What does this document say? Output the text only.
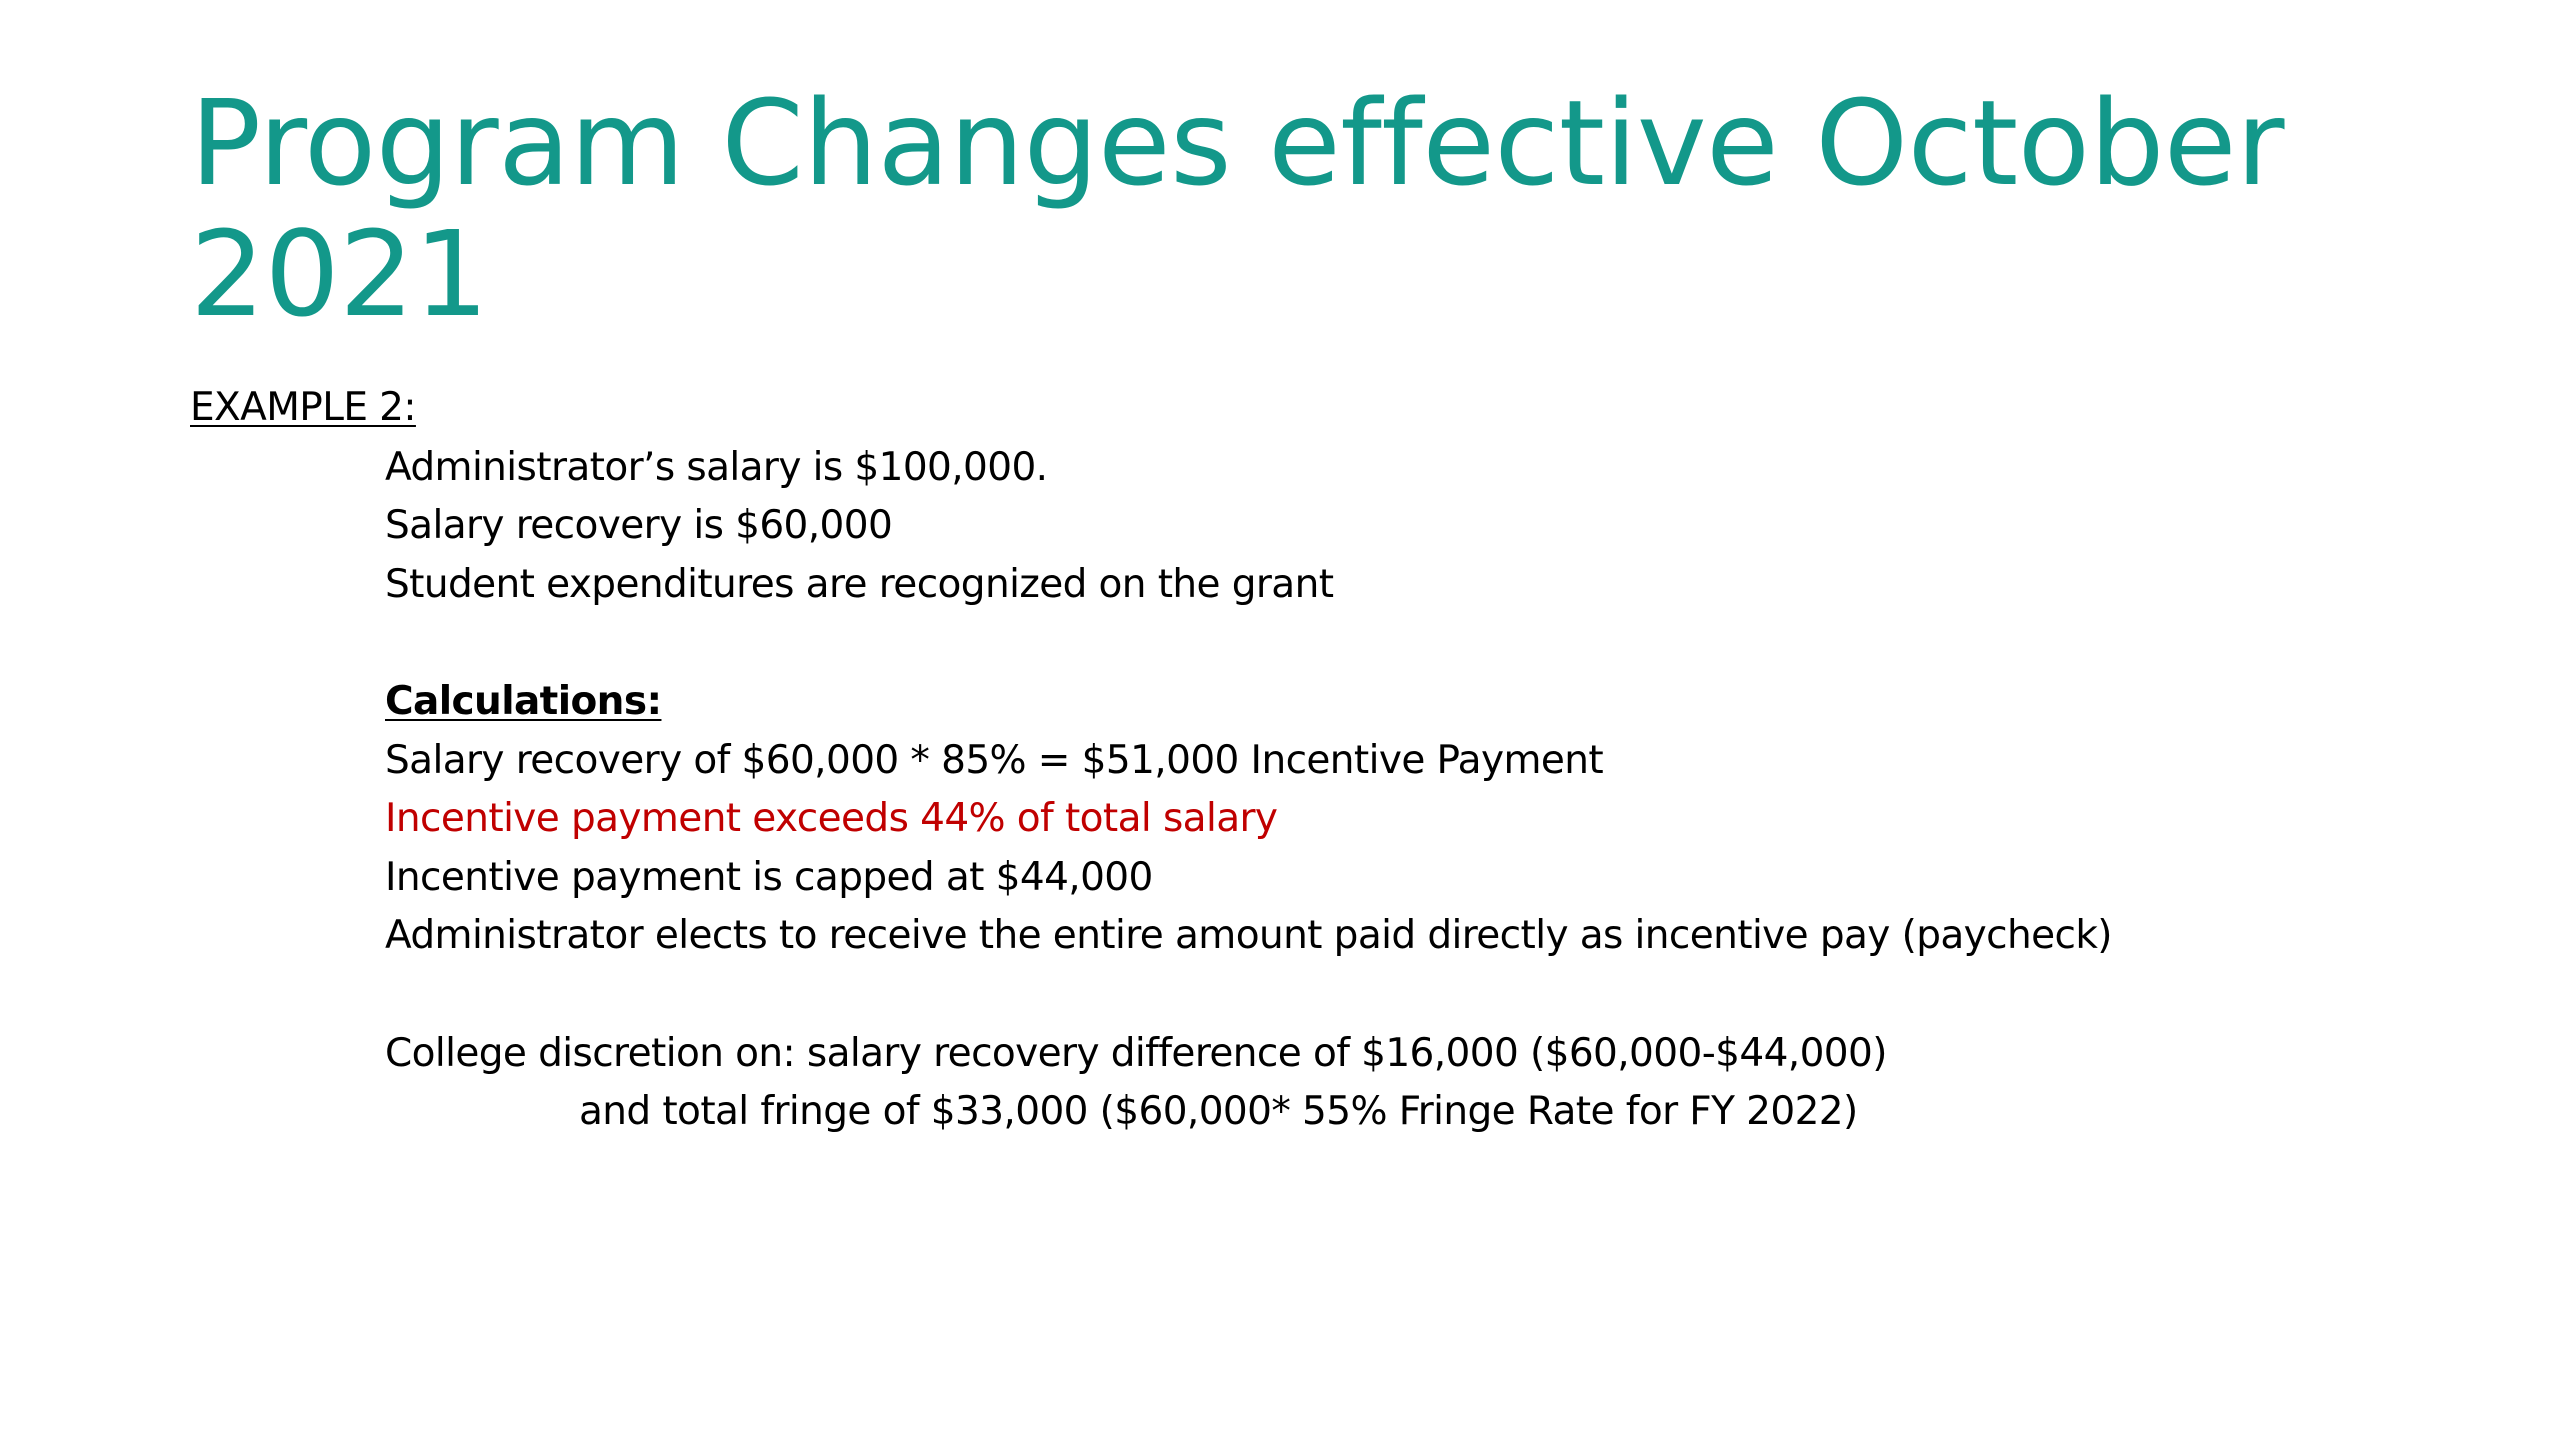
Program Changes effective October
2021
EXAMPLE 2:
Administrator’s salary is $100,000.
Salary recovery is $60,000
Student expenditures are recognized on the grant
Calculations:
Salary recovery of $60,000 * 85% = $51,000 Incentive Payment
Incentive payment exceeds 44% of total salary
Incentive payment is capped at $44,000
Administrator elects to receive the entire amount paid directly as incentive pay (paycheck)
College discretion on: salary recovery difference of $16,000 ($60,000-$44,000)
and total fringe of $33,000 ($60,000* 55% Fringe Rate for FY 2022)
